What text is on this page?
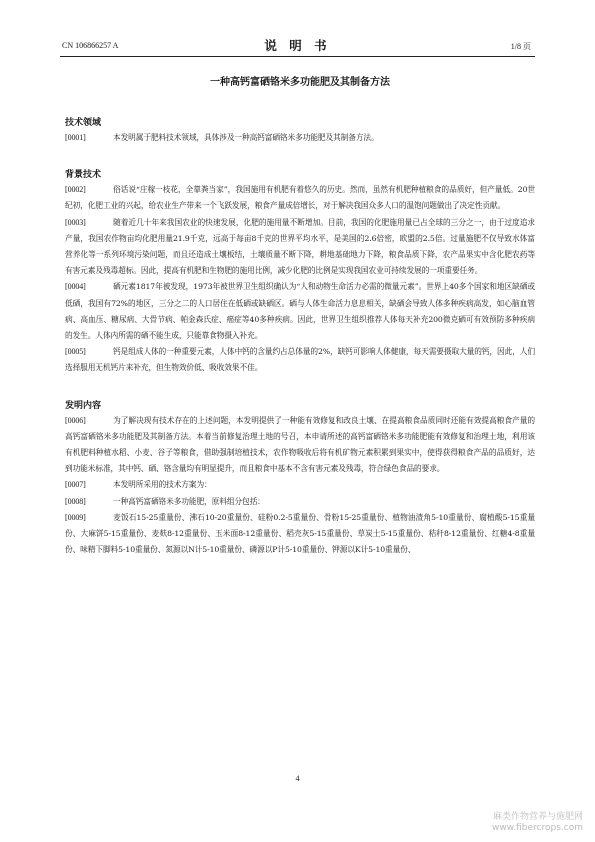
CN 106866257 A	说 明 书	1/8 页
一种高钙富硒铬米多功能肥及其制备方法
技术领域

[0001]	本发明属于肥料技术领域，具体涉及一种高钙富硒铬米多功能肥及其制备方法。

背景技术

[0002]	俗话说“庄稼一枝花，全靠粪当家”，我国施用有机肥有着悠久的历史。然而，虽然有机肥种植粮食的品质好，但产量低。20世纪初，化肥工业的兴起，给农业生产带来一个飞跃发展，粮食产量成倍增长，对于解决我国众多人口的温饱问题做出了决定性贡献。

[0003]	随着近几十年来我国农业的快速发展，化肥的施用量不断增加。目前，我国的化肥施用量已占全球的三分之一，由于过度追求产量，我国农作物亩均化肥用量21.9千克，远高于每亩8千克的世界平均水平，是美国的2.6倍密，欧盟的2.5倍。过量施肥不仅导致水体富营养化等一系列环境污染问题，而且还造成土壤板结，土壤质量不断下降，耕地基础地力下降，粮食品质下降，农产品果实中含化肥农药等有害元素及残毒超标。因此，提高有机肥和生物肥的施用比例，减少化肥的比例是实现我国农业可持续发展的一项重要任务。

[0004]	硒元素1817年被发现，1973年被世界卫生组织确认为“人和动物生命活力必需的微量元素”。世界上40多个国家和地区缺硒或低硒，我国有72%的地区，三分之二的人口居住在低硒或缺硒区。硒与人体生命活力息息相关，缺硒会导致人体多种疾病高发，如心脑血管病、高血压、糖尿病、大骨节病、帕金森氏症、癌症等40多种疾病。因此，世界卫生组织推荐人体每天补充200微克硒可有效预防多种疾病的发生。人体内所需的硒不能生成，只能靠食物摄入补充。

[0005]	钙是组成人体的一种重要元素，人体中钙的含量约占总体量的2%，缺钙可影响人体健康，每天需要摄取大量的钙，因此，人们选择服用无机钙片来补充，但生物效价低、吸收效果不佳。

发明内容

[0006]	为了解决现有技术存在的上述问题，本发明提供了一种能有效修复和改良土壤、在提高粮食品质同时还能有效提高粮食产量的高钙富硒铬米多功能肥及其制备方法。本着当前修复治理土地的号召，本申请所述的高钙富硒铬米多功能肥能有效修复和治理土地，利用该有机肥料种植水稻、小麦、谷子等粮食，借助强制培植技术，农作物吸收后将有机矿物元素积累到果实中，使得获得粮食产品的品质好，达到功能米标准，其中钙、硒、铬含量均有明显提升，而且粮食中基本不含有害元素及残毒，符合绿色食品的要求。

[0007]	本发明所采用的技术方案为：

[0008]	一种高钙富硒铬米多功能肥，原料组分包括：

[0009]	麦饭石15-25重量份、沸石10-20重量份、硅粉0.2-5重量份、骨粉15-25重量份、植物油渣角5-10重量份、腐植酸5-15重量份、大麻饼5-15重量份、麦麸8-12重量份、玉米面8-12重量份、稻壳灰5-15重量份、草炭土5-15重量份、秸秆8-12重量份、红糖4-8重量份、味精下脚料5-10重量份、氮源以N计5-10重量份、磷源以P计5-10重量份、钾源以K计5-10重量份、

4
麻类作物营养与施肥网
www.fibercrops.com
